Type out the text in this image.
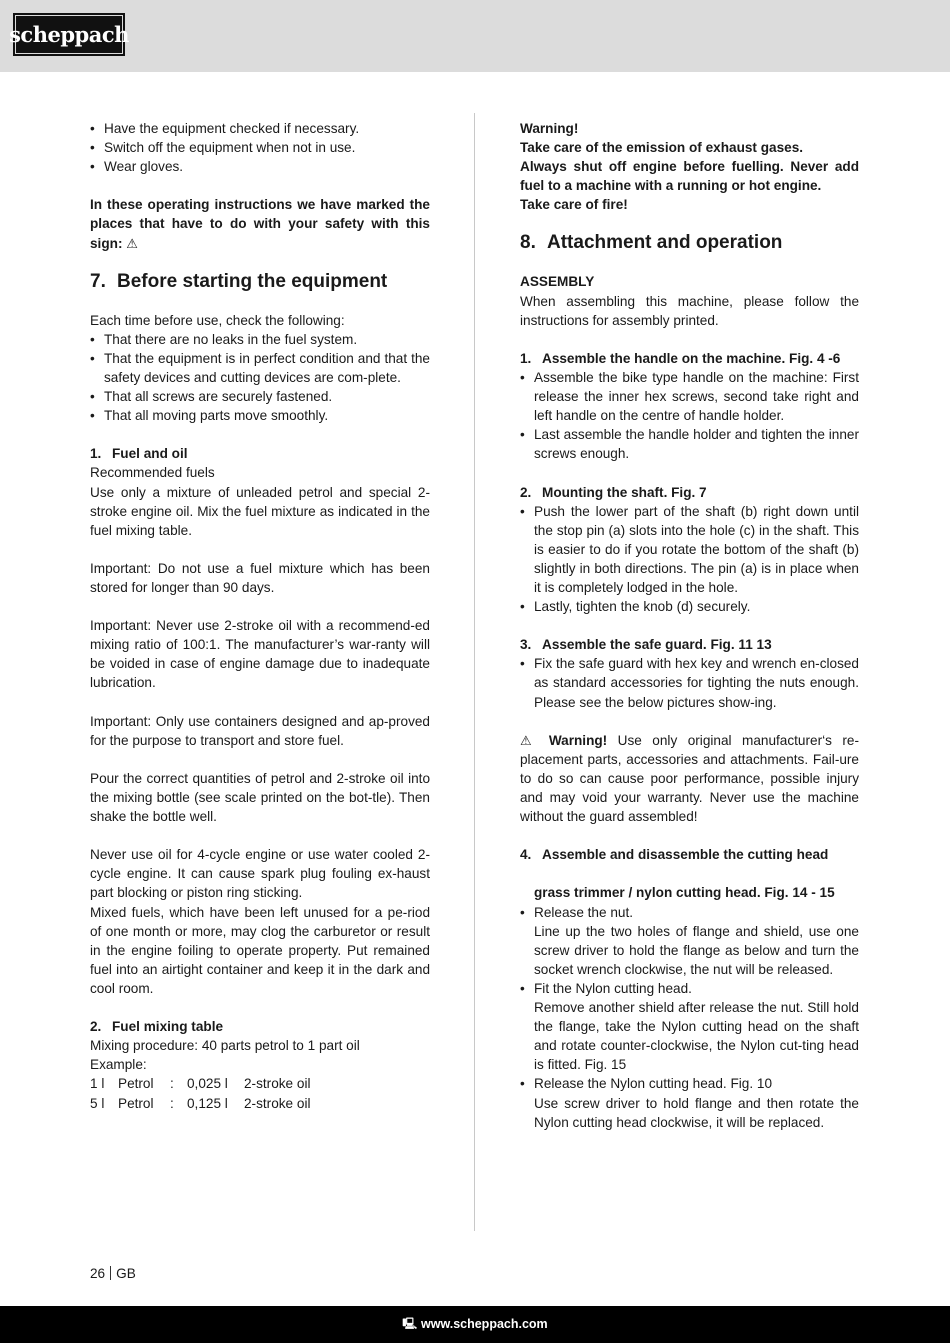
scheppach
• Have the equipment checked if necessary.
• Switch off the equipment when not in use.
• Wear gloves.

In these operating instructions we have marked the places that have to do with your safety with this sign: ⚠

7. Before starting the equipment

Each time before use, check the following:

• That there are no leaks in the fuel system.
• That the equipment is in perfect condition and that the safety devices and cutting devices are com-plete.
• That all screws are securely fastened.
• That all moving parts move smoothly.

1. Fuel and oil

Recommended fuels

Use only a mixture of unleaded petrol and special 2-stroke engine oil. Mix the fuel mixture as indicated in the fuel mixing table.

Important: Do not use a fuel mixture which has been stored for longer than 90 days.

Important: Never use 2-stroke oil with a recommend-ed mixing ratio of 100:1. The manufacturer’s war-ranty will be voided in case of engine damage due to inadequate lubrication.

Important: Only use containers designed and ap-proved for the purpose to transport and store fuel.

Pour the correct quantities of petrol and 2-stroke oil into the mixing bottle (see scale printed on the bot-tle). Then shake the bottle well.

Never use oil for 4-cycle engine or use water cooled 2-cycle engine. It can cause spark plug fouling ex-haust part blocking or piston ring sticking.

Mixed fuels, which have been left unused for a pe-riod of one month or more, may clog the carburetor or result in the engine foiling to operate property. Put remained fuel into an airtight container and keep it in the dark and cool room.

2. Fuel mixing table

Mixing procedure: 40 parts petrol to 1 part oil

Example:

1 l	Petrol	: 0,025 l	2-stroke oil
5 l	Petrol	: 0,125 l	2-stroke oil

Warning!

Take care of the emission of exhaust gases.

Always shut off engine before fuelling. Never add fuel to a machine with a running or hot engine.

Take care of fire!

8. Attachment and operation

ASSEMBLY

When assembling this machine, please follow the instructions for assembly printed.

1. Assemble the handle on the machine. Fig. 4 -6

• Assemble the bike type handle on the machine: First release the inner hex screws, second take right and left handle on the centre of handle holder.
• Last assemble the handle holder and tighten the inner screws enough.

2. Mounting the shaft. Fig. 7

• Push the lower part of the shaft (b) right down until the stop pin (a) slots into the hole (c) in the shaft. This is easier to do if you rotate the bottom of the shaft (b) slightly in both directions. The pin (a) is in place when it is completely lodged in the hole.
• Lastly, tighten the knob (d) securely.

3. Assemble the safe guard. Fig. 11 13

• Fix the safe guard with hex key and wrench en-closed as standard accessories for tighting the nuts enough. Please see the below pictures show-ing.

⚠ Warning! Use only original manufacturer‘s re-placement parts, accessories and attachments. Fail-ure to do so can cause poor performance, possible injury and may void your warranty. Never use the machine without the guard assembled!

4. Assemble and disassemble the cutting head

grass trimmer / nylon cutting head. Fig. 14 - 15

• Release the nut.
Line up the two holes of flange and shield, use one screw driver to hold the flange as below and turn the socket wrench clockwise, the nut will be released.
• Fit the Nylon cutting head.
Remove another shield after release the nut. Still hold the flange, take the Nylon cutting head on the shaft and rotate counter-clockwise, the Nylon cut-ting head is fitted. Fig. 15
• Release the Nylon cutting head. Fig. 10
Use screw driver to hold flange and then rotate the Nylon cutting head clockwise, it will be replaced.
26 GB
🖳 www.scheppach.com
